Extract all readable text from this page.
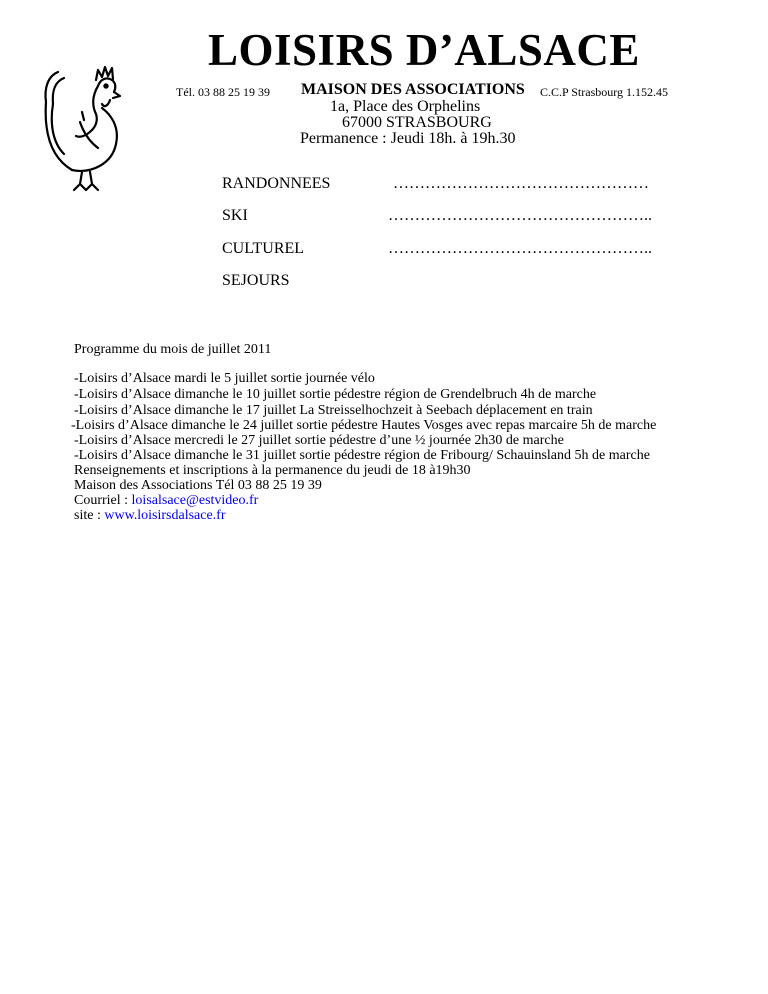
LOISIRS D’ALSACE
Tél. 03 88 25 19 39 MAISON DES ASSOCIATIONS C.C.P Strasbourg 1.152.45
1a, Place des Orphelins
67000 STRASBOURG
Permanence : Jeudi 18h. à 19h.30
RANDONNEES	…………………………………………
SKI	…………………………………………..
CULTUREL	…………………………………………..
SEJOURS
Programme du mois de juillet 2011
-Loisirs d’Alsace mardi le 5 juillet sortie journée vélo
-Loisirs d’Alsace dimanche le 10 juillet sortie pédestre région de Grendelbruch 4h de marche
-Loisirs d’Alsace dimanche le 17 juillet La Streisselhochzeit à Seebach déplacement en train
-Loisirs d’Alsace dimanche le 24 juillet sortie pédestre Hautes Vosges avec repas marcaire 5h de marche
-Loisirs d’Alsace mercredi le 27 juillet sortie pédestre d’une ½ journée 2h30 de marche
-Loisirs d’Alsace dimanche le 31 juillet sortie pédestre région de Fribourg/ Schauinsland 5h de marche
Renseignements et inscriptions à la permanence du jeudi de 18 à19h30
Maison des Associations Tél 03 88 25 19 39
Courriel : loisalsace@estvideo.fr
site : www.loisirsdalsace.fr
